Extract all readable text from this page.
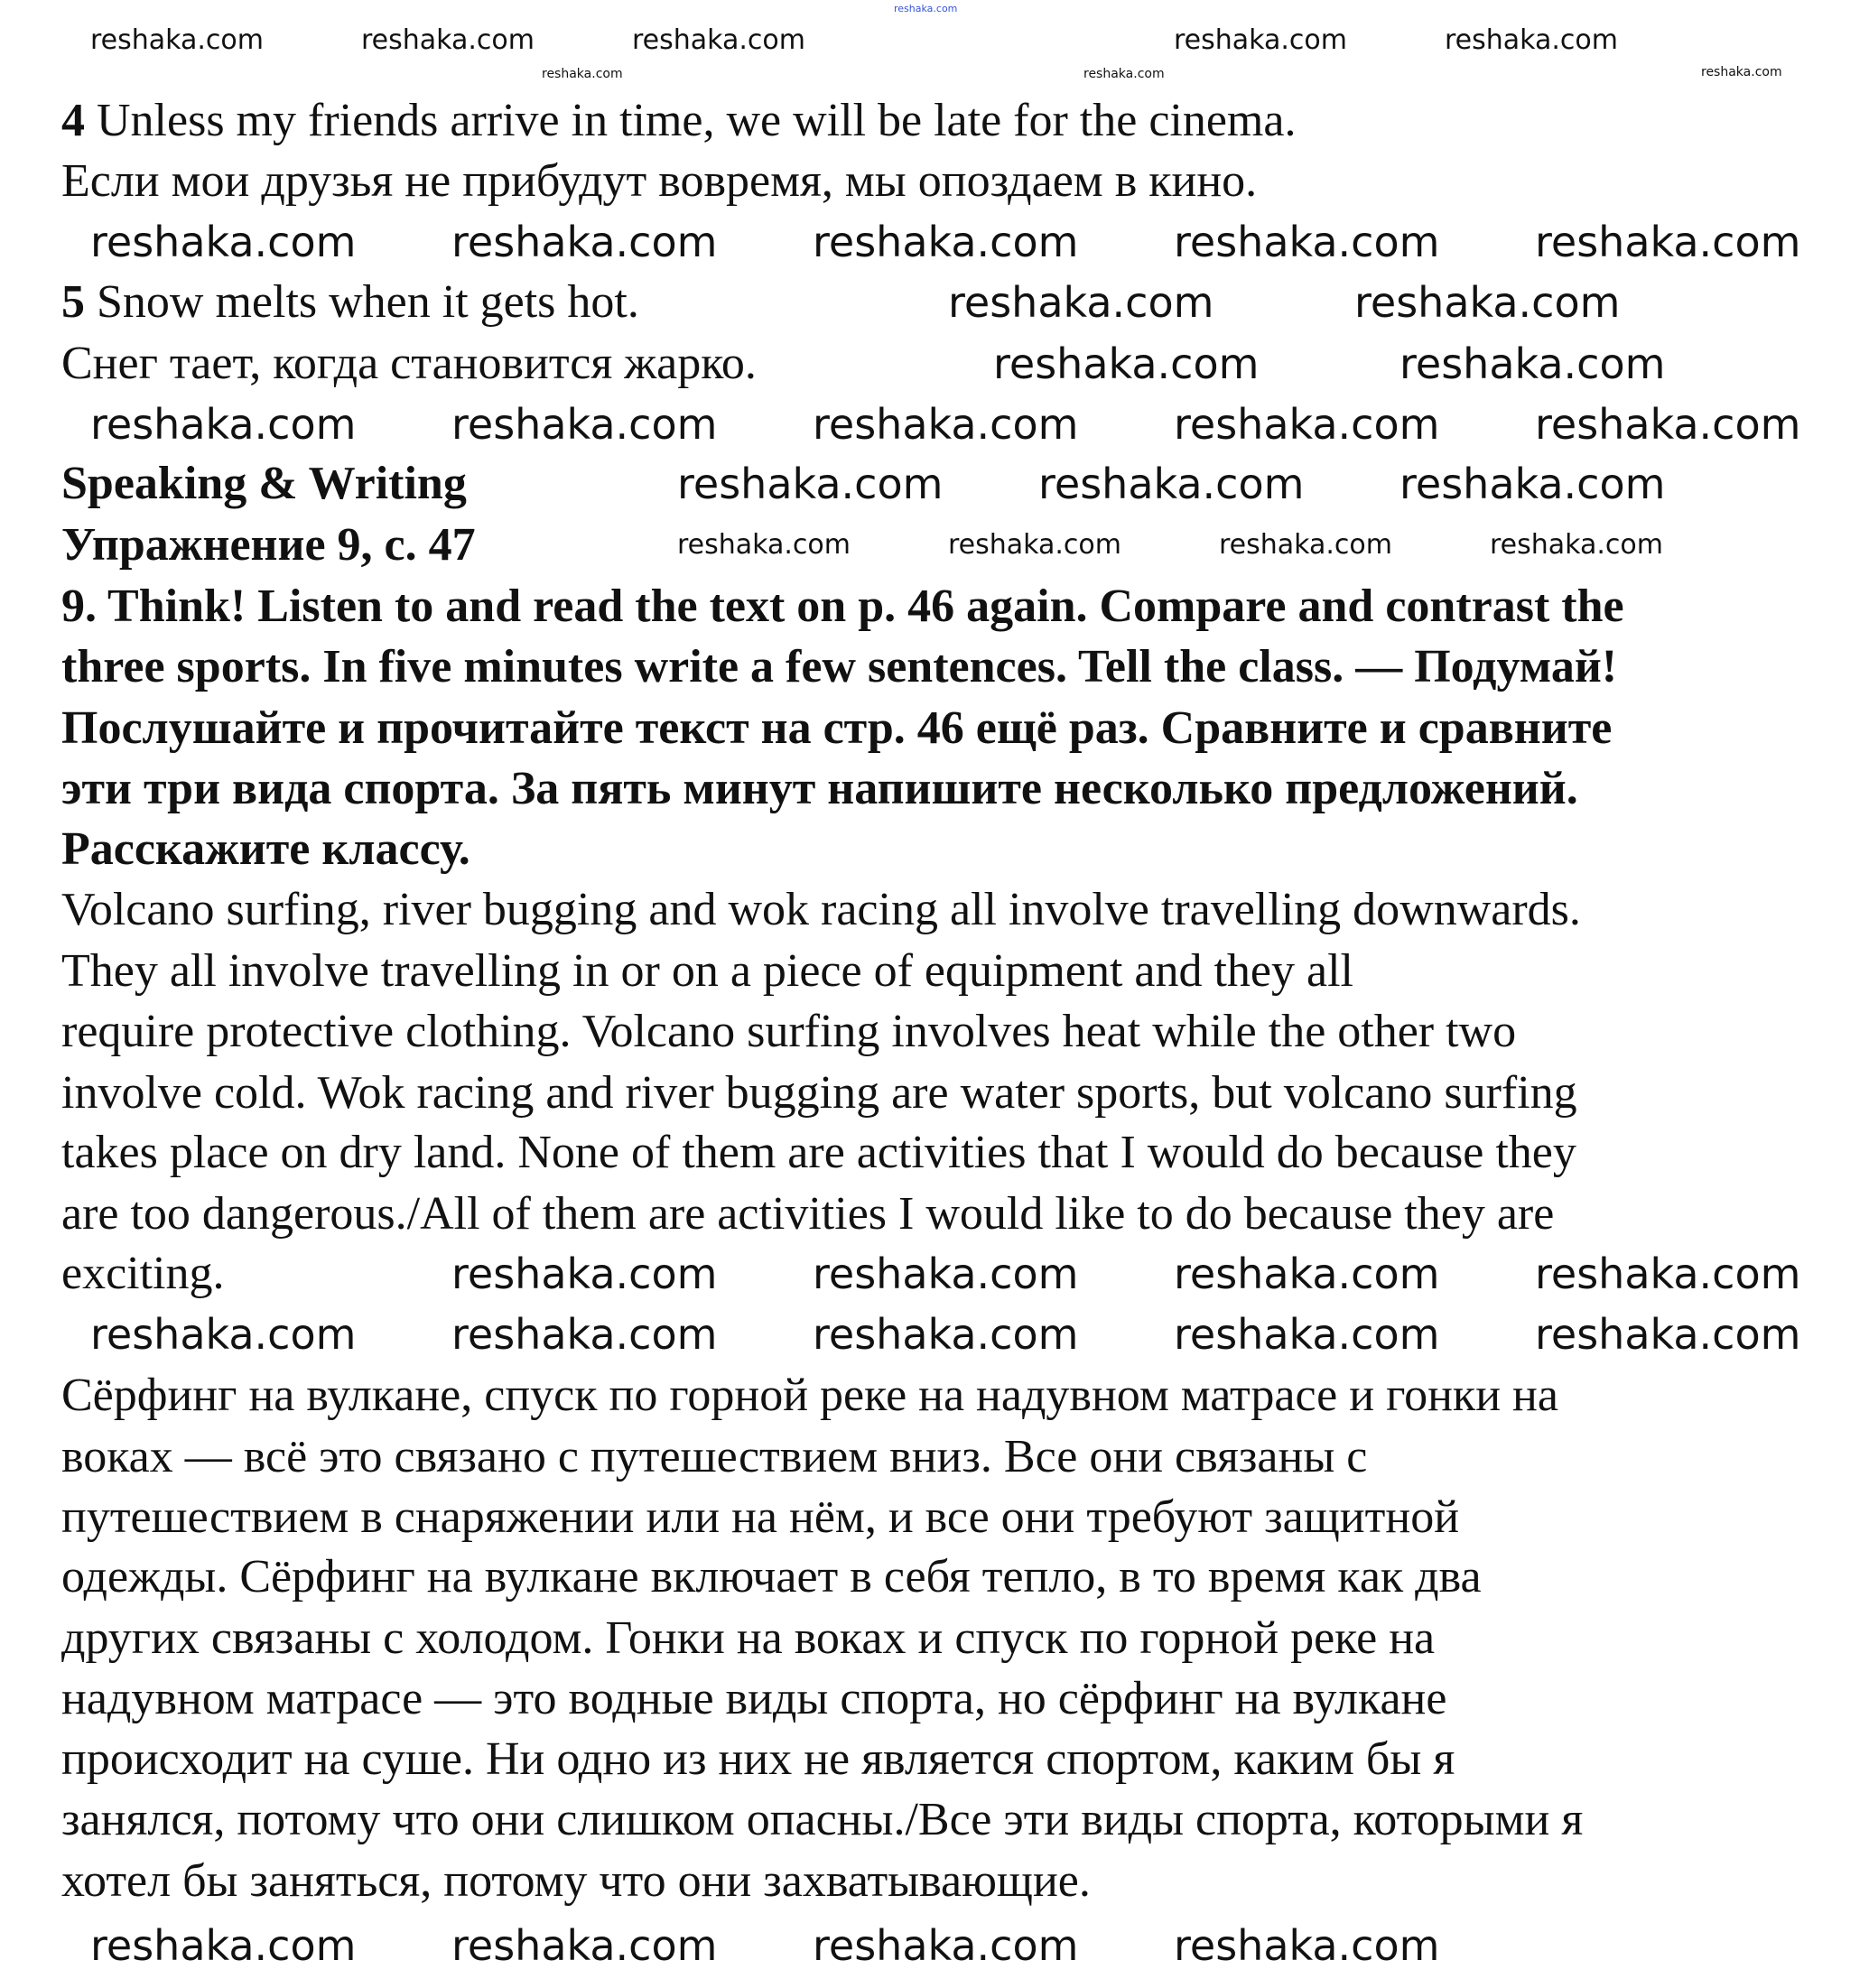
4 Unless my friends arrive in time, we will be late for the cinema.
Если мои друзья не прибудут вовремя, мы опоздаем в кино.
5 Snow melts when it gets hot.
Снег тает, когда становится жарко.
Speaking & Writing
Упражнение 9, с. 47
9. Think! Listen to and read the text on p. 46 again. Compare and contrast the
three sports. In five minutes write a few sentences. Tell the class. — Подумай!
Послушайте и прочитайте текст на стр. 46 ещё раз. Сравните и сравните
эти три вида спорта. За пять минут напишите несколько предложений.
Расскажите классу.
Volcano surfing, river bugging and wok racing all involve travelling downwards.
They all involve travelling in or on a piece of equipment and they all
require protective clothing. Volcano surfing involves heat while the other two
involve cold. Wok racing and river bugging are water sports, but volcano surfing
takes place on dry land. None of them are activities that I would do because they
are too dangerous./All of them are activities I would like to do because they are
exciting.
Сёрфинг на вулкане, спуск по горной реке на надувном матрасе и гонки на
воках — всё это связано с путешествием вниз. Все они связаны с
путешествием в снаряжении или на нём, и все они требуют защитной
одежды. Сёрфинг на вулкане включает в себя тепло, в то время как два
других связаны с холодом. Гонки на воках и спуск по горной реке на
надувном матрасе — это водные виды спорта, но сёрфинг на вулкане
происходит на суше. Ни одно из них не является спортом, каким бы я
занялся, потому что они слишком опасны./Все эти виды спорта, которыми я
хотел бы заняться, потому что они захватывающие.
reshaka.com
reshaka.com	reshaka.com	reshaka.com	reshaka.com	reshaka.com
reshaka.com
reshaka.com	reshaka.com
reshaka.com reshaka.com reshaka.com reshaka.com reshaka.com
reshaka.com	reshaka.com
reshaka.com	reshaka.com
reshaka.com reshaka.com reshaka.com reshaka.com reshaka.com
reshaka.com reshaka.com reshaka.com
reshaka.com	reshaka.com	reshaka.com	reshaka.com
reshaka.com reshaka.com reshaka.com reshaka.com
reshaka.com reshaka.com reshaka.com reshaka.com reshaka.com
reshaka.com reshaka.com reshaka.com reshaka.com
